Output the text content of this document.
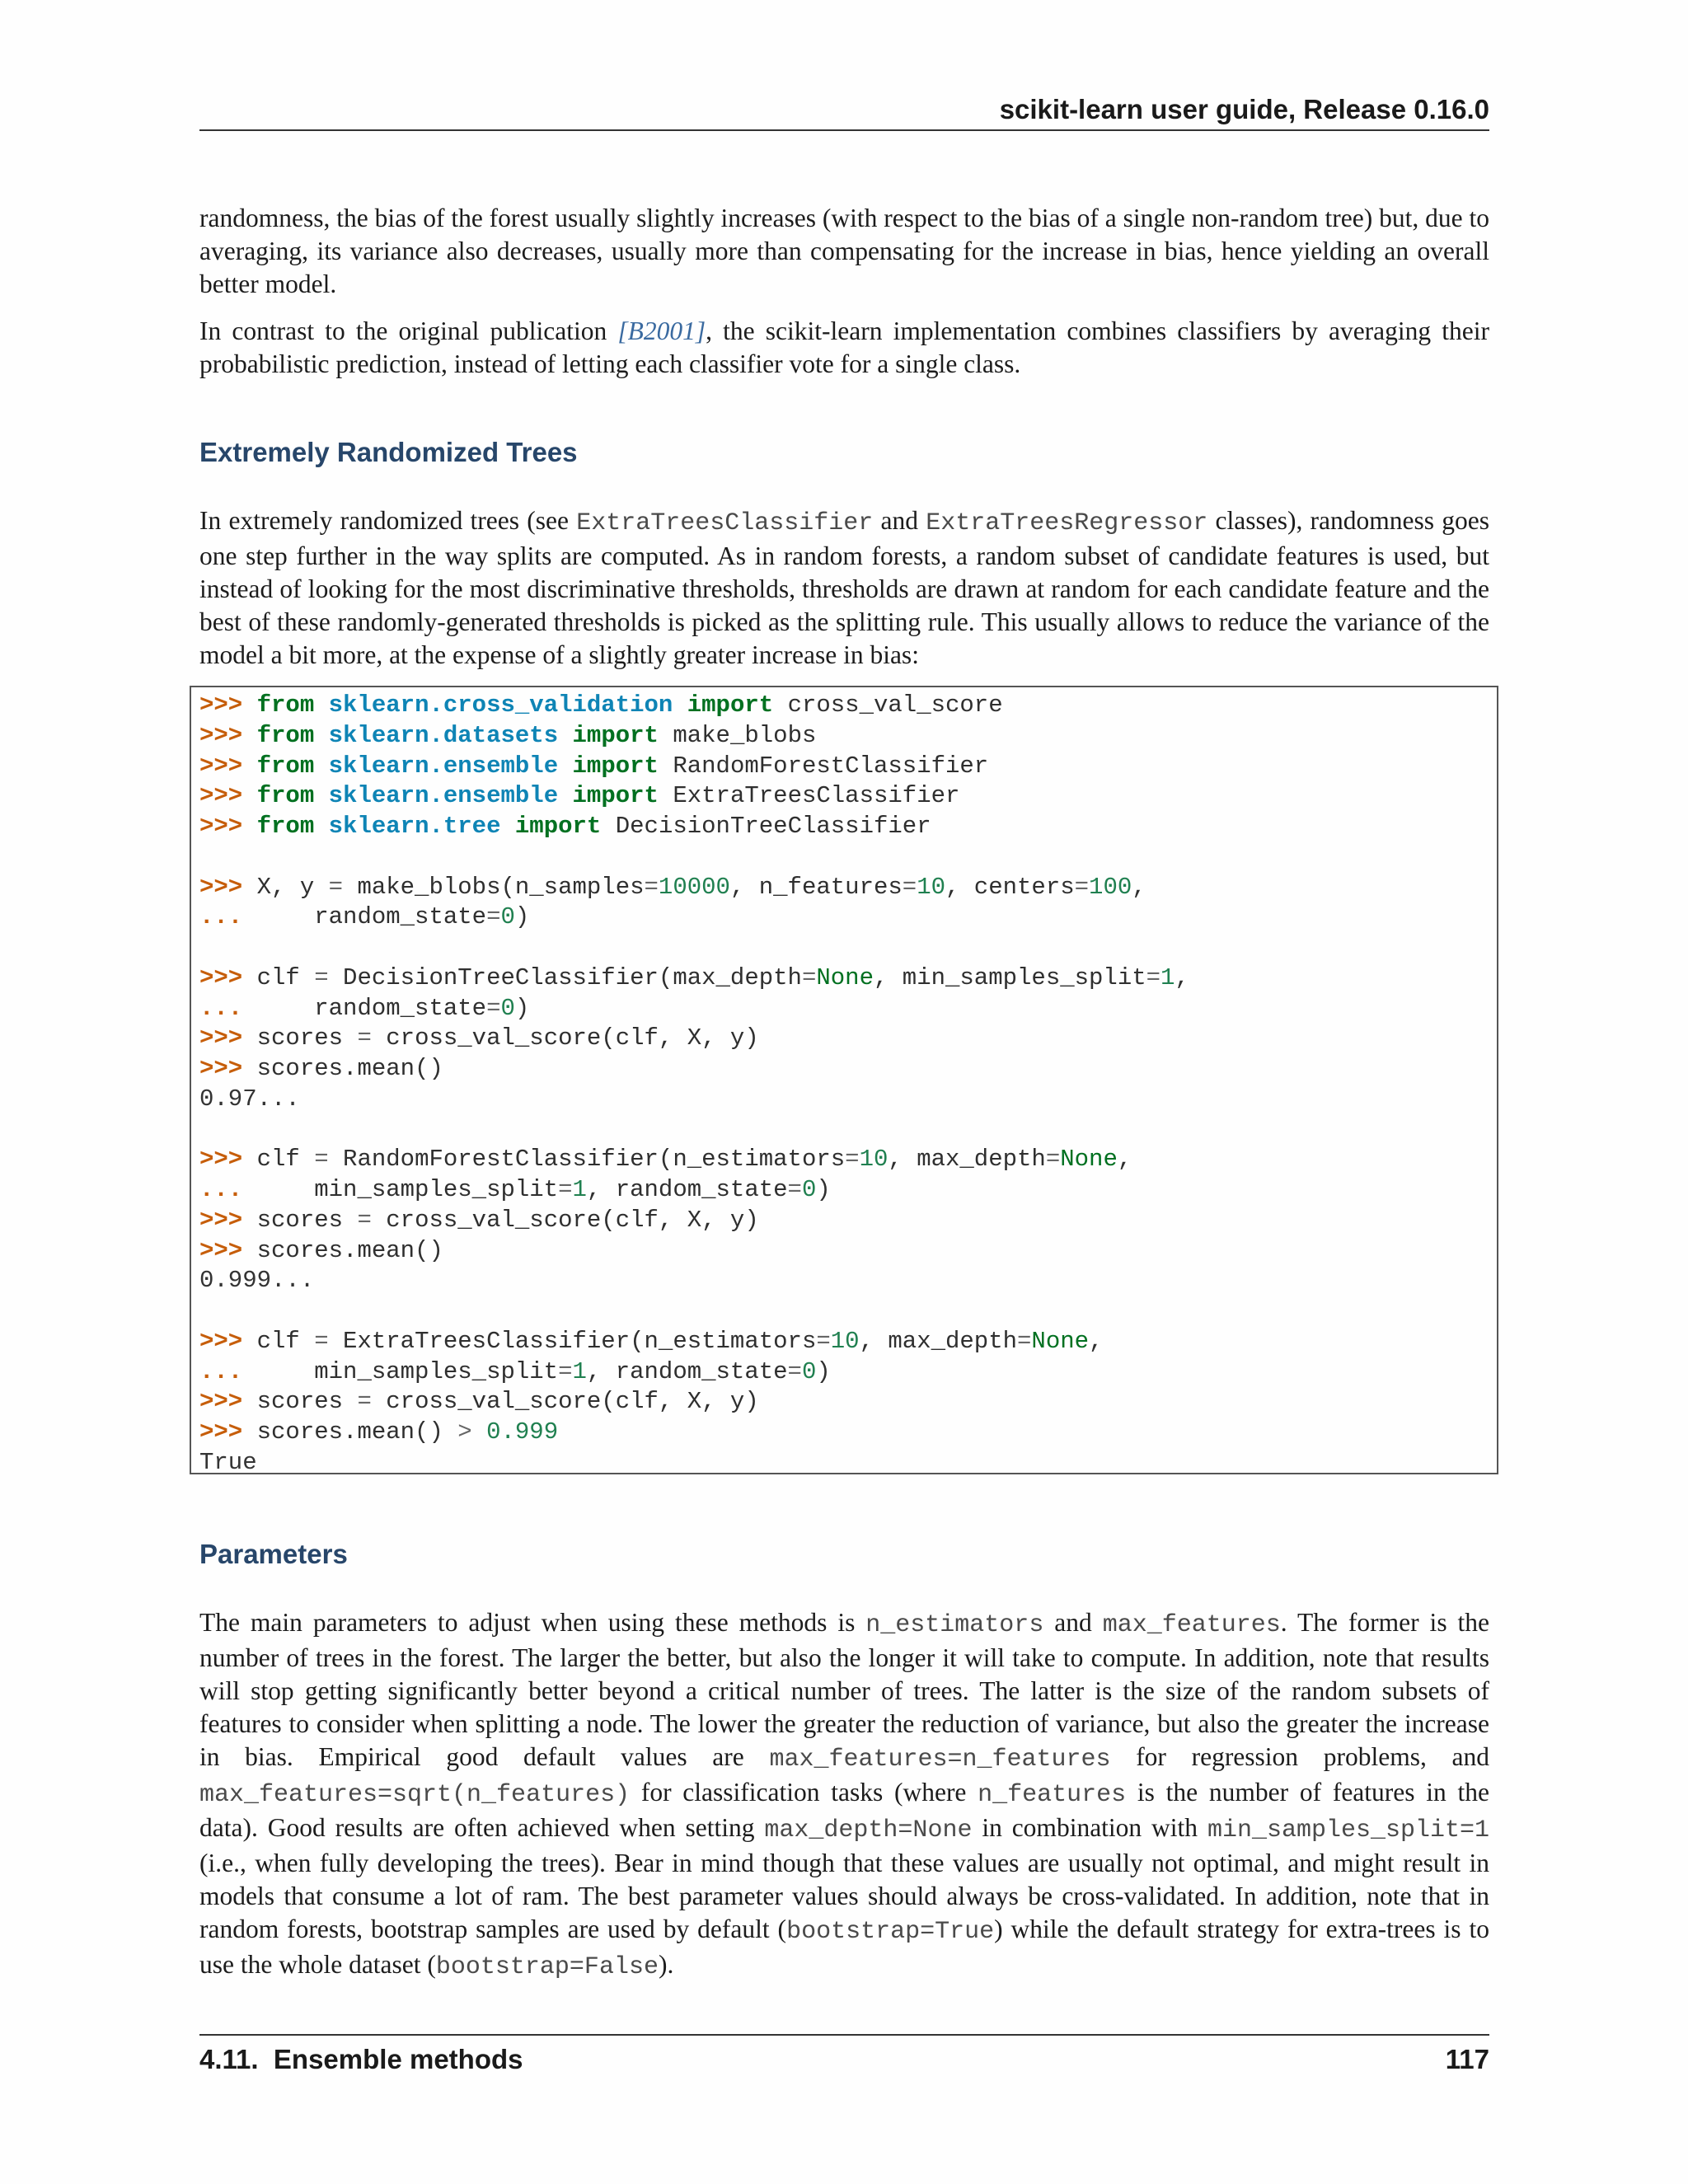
scikit-learn user guide, Release 0.16.0

randomness, the bias of the forest usually slightly increases (with respect to the bias of a single non-random tree) but, due to averaging, its variance also decreases, usually more than compensating for the increase in bias, hence yielding an overall better model.

In contrast to the original publication [B2001], the scikit-learn implementation combines classifiers by averaging their probabilistic prediction, instead of letting each classifier vote for a single class.

Extremely Randomized Trees

In extremely randomized trees (see ExtraTreesClassifier and ExtraTreesRegressor classes), randomness goes one step further in the way splits are computed. As in random forests, a random subset of candidate features is used, but instead of looking for the most discriminative thresholds, thresholds are drawn at random for each candidate feature and the best of these randomly-generated thresholds is picked as the splitting rule. This usually allows to reduce the variance of the model a bit more, at the expense of a slightly greater increase in bias:

>>> from sklearn.cross_validation import cross_val_score
>>> from sklearn.datasets import make_blobs
>>> from sklearn.ensemble import RandomForestClassifier
>>> from sklearn.ensemble import ExtraTreesClassifier
>>> from sklearn.tree import DecisionTreeClassifier

>>> X, y = make_blobs(n_samples=10000, n_features=10, centers=100,
...	random_state=0)

>>> clf = DecisionTreeClassifier(max_depth=None, min_samples_split=1,
...	random_state=0)
>>> scores = cross_val_score(clf, X, y)
>>> scores.mean()
0.97...

>>> clf = RandomForestClassifier(n_estimators=10, max_depth=None,
...	min_samples_split=1, random_state=0)
>>> scores = cross_val_score(clf, X, y)
>>> scores.mean()
0.999...

>>> clf = ExtraTreesClassifier(n_estimators=10, max_depth=None,
...	min_samples_split=1, random_state=0)
>>> scores = cross_val_score(clf, X, y)
>>> scores.mean() > 0.999
True
Parameters

The main parameters to adjust when using these methods is n_estimators and max_features. The former is the number of trees in the forest. The larger the better, but also the longer it will take to compute. In addition, note that results will stop getting significantly better beyond a critical number of trees. The latter is the size of the random subsets of features to consider when splitting a node. The lower the greater the reduction of variance, but also the greater the increase in bias. Empirical good default values are max_features=n_features for regression problems, and max_features=sqrt(n_features) for classification tasks (where n_features is the number of features in the data). Good results are often achieved when setting max_depth=None in combination with min_samples_split=1 (i.e., when fully developing the trees). Bear in mind though that these values are usually not optimal, and might result in models that consume a lot of ram. The best parameter values should always be cross-validated. In addition, note that in random forests, bootstrap samples are used by default (bootstrap=True) while the default strategy for extra-trees is to use the whole dataset (bootstrap=False).

4.11.  Ensemble methods	117
